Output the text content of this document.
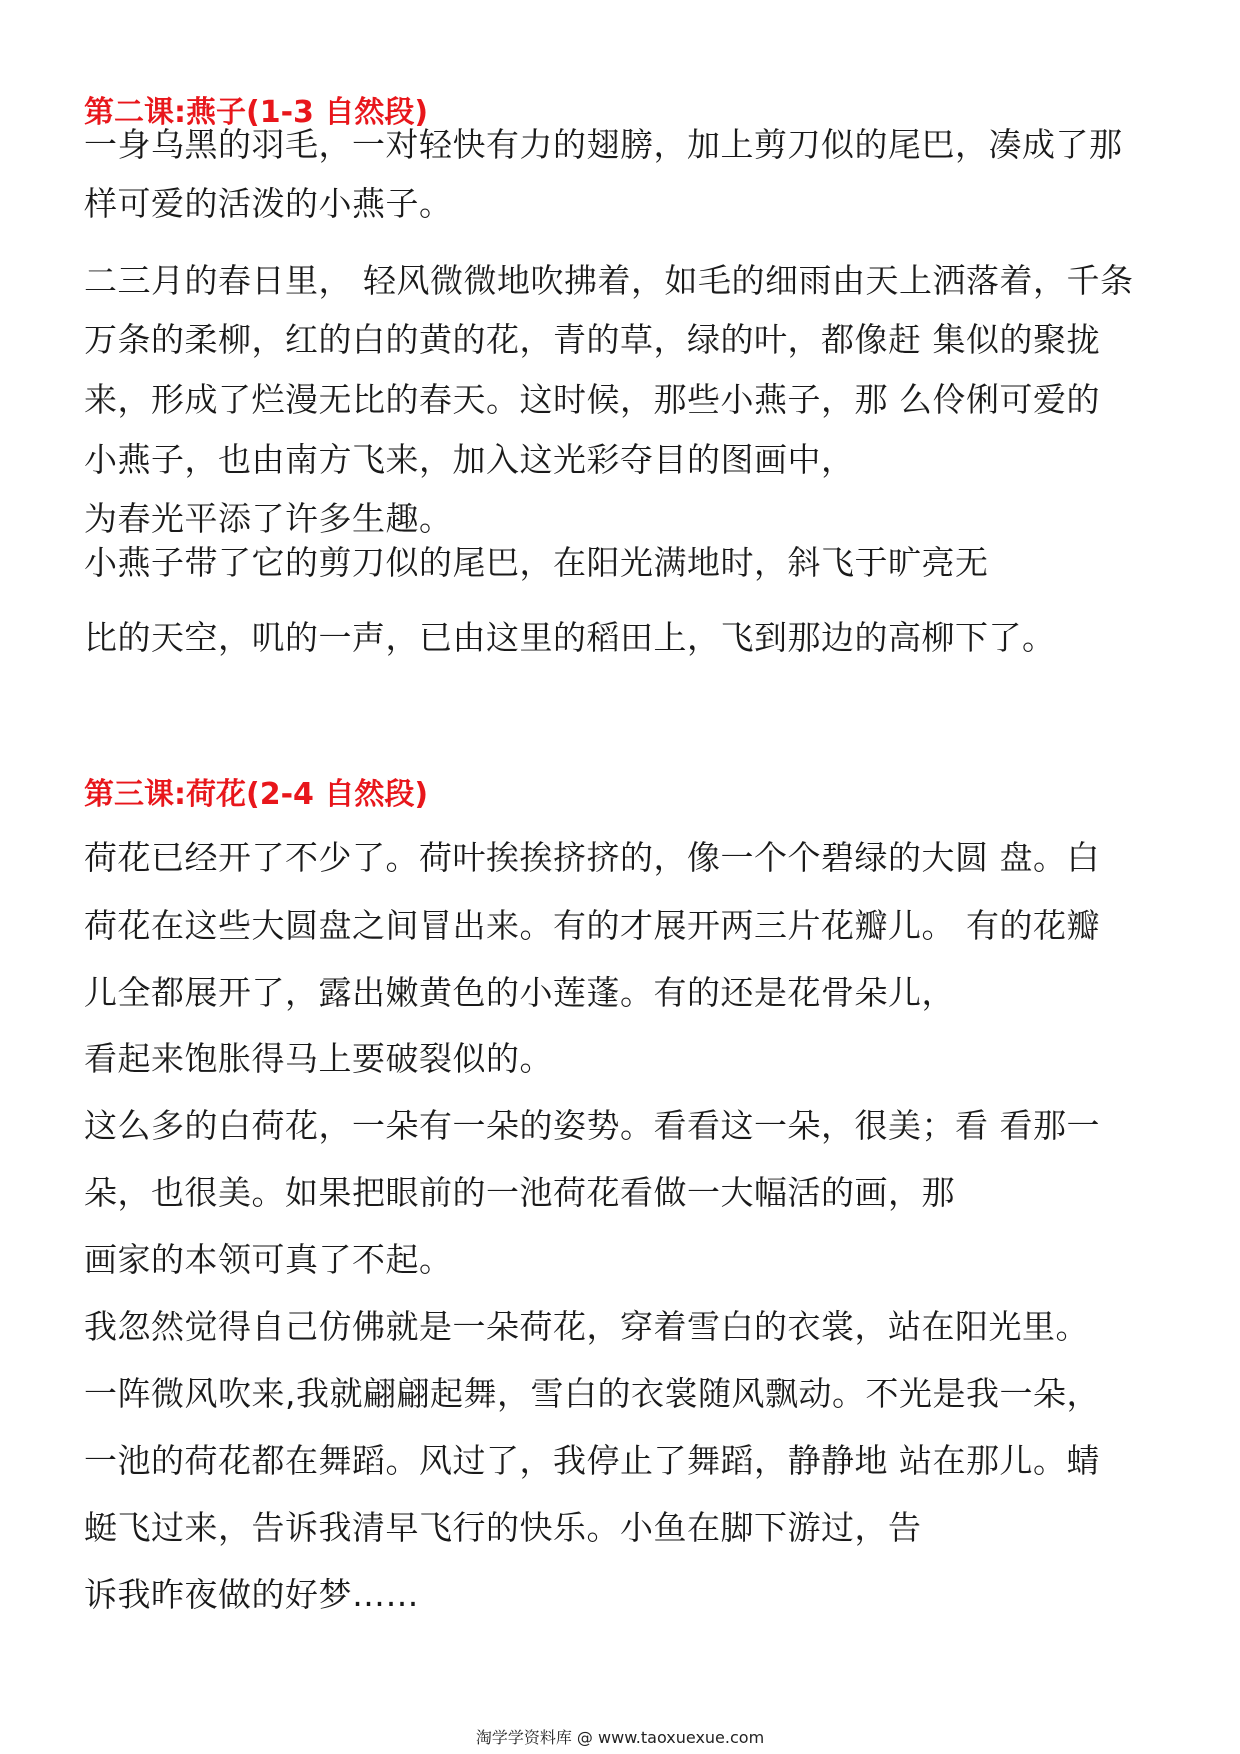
第二课:燕子(1-3 自然段)
一身乌黑的羽毛，一对轻快有力的翅膀，加上剪刀似的尾巴，凑成了那
样可爱的活泼的小燕子。
二三月的春日里， 轻风微微地吹拂着，如毛的细雨由天上洒落着，千条
万条的柔柳，红的白的黄的花，青的草，绿的叶，都像赶 集似的聚拢
来，形成了烂漫无比的春天。这时候，那些小燕子，那 么伶俐可爱的
小燕子，也由南方飞来，加入这光彩夺目的图画中，
为春光平添了许多生趣。
小燕子带了它的剪刀似的尾巴，在阳光满地时，斜飞于旷亮无
比的天空，叽的一声，已由这里的稻田上，飞到那边的高柳下了。
第三课:荷花(2-4 自然段)
荷花已经开了不少了。荷叶挨挨挤挤的，像一个个碧绿的大圆 盘。白
荷花在这些大圆盘之间冒出来。有的才展开两三片花瓣儿。 有的花瓣
儿全都展开了，露出嫩黄色的小莲蓬。有的还是花骨朵儿，
看起来饱胀得马上要破裂似的。
这么多的白荷花，一朵有一朵的姿势。看看这一朵，很美；看 看那一
朵，也很美。如果把眼前的一池荷花看做一大幅活的画，那
画家的本领可真了不起。
我忽然觉得自己仿佛就是一朵荷花，穿着雪白的衣裳，站在阳光里。
一阵微风吹来,我就翩翩起舞，雪白的衣裳随风飘动。不光是我一朵，
一池的荷花都在舞蹈。风过了，我停止了舞蹈，静静地 站在那儿。蜻
蜓飞过来，告诉我清早飞行的快乐。小鱼在脚下游过，告
诉我昨夜做的好梦……
淘学学资料库 @ www.taoxuexue.com
